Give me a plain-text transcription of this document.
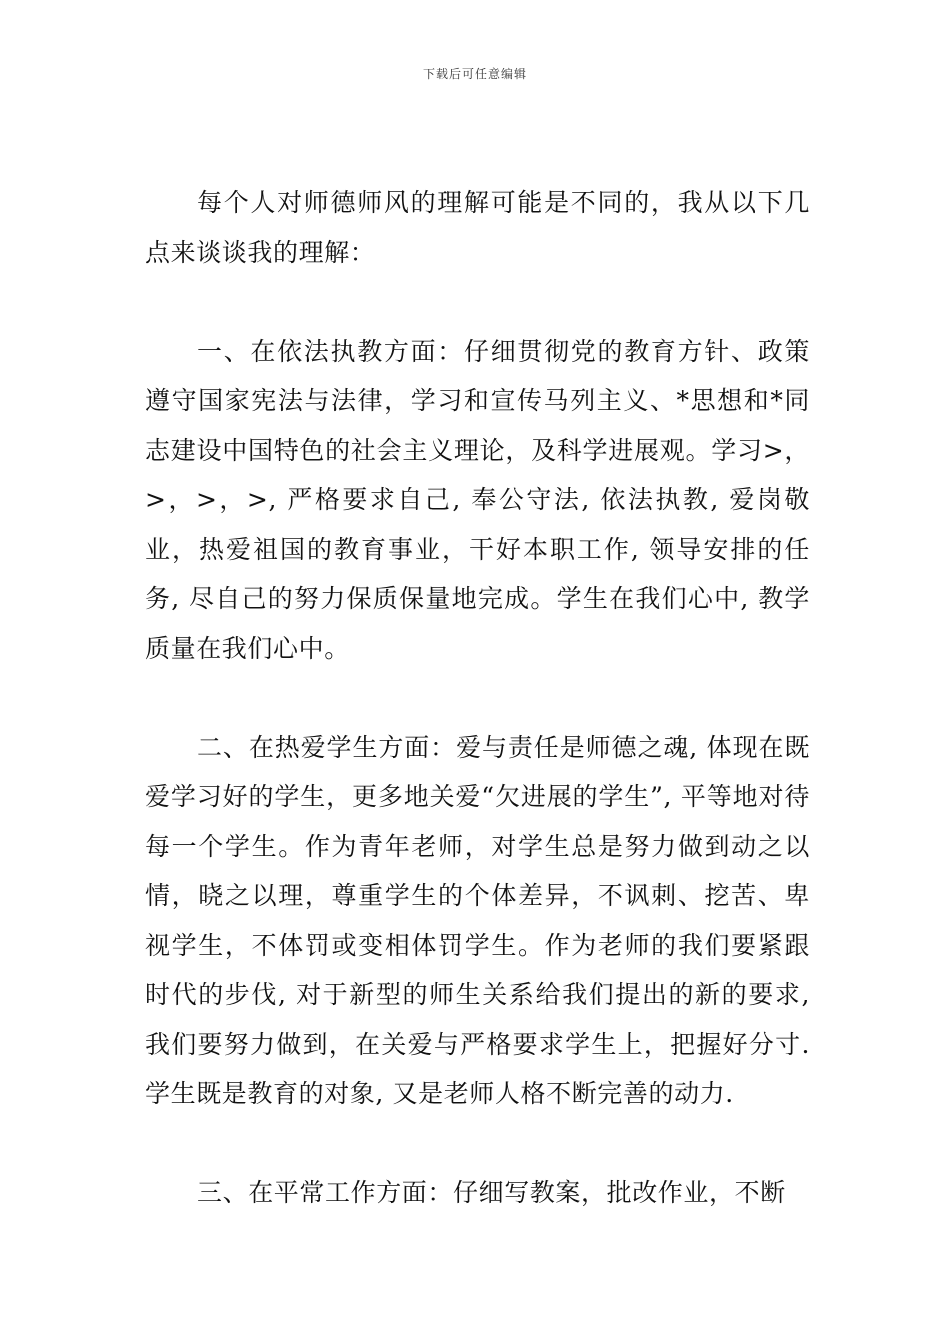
下载后可任意编辑

每个人对师德师风的理解可能是不同的，我从以下几点来谈谈我的理解：

一、在依法执教方面：仔细贯彻党的教育方针、政策遵守国家宪法与法律，学习和宣传马列主义、*思想和*同志建设中国特色的社会主义理论，及科学进展观。学习>，>，>，>, 严格要求自己, 奉公守法, 依法执教, 爱岗敬业，热爱祖国的教育事业，干好本职工作, 领导安排的任务, 尽自己的努力保质保量地完成。学生在我们心中, 教学质量在我们心中。

二、在热爱学生方面：爱与责任是师德之魂, 体现在既爱学习好的学生，更多地关爱“欠进展的学生”, 平等地对待每一个学生。作为青年老师，对学生总是努力做到动之以情，晓之以理，尊重学生的个体差异，不讽刺、挖苦、卑视学生，不体罚或变相体罚学生。作为老师的我们要紧跟时代的步伐, 对于新型的师生关系给我们提出的新的要求, 我们要努力做到，在关爱与严格要求学生上，把握好分寸. 学生既是教育的对象, 又是老师人格不断完善的动力.

三、在平常工作方面：仔细写教案，批改作业，不断
